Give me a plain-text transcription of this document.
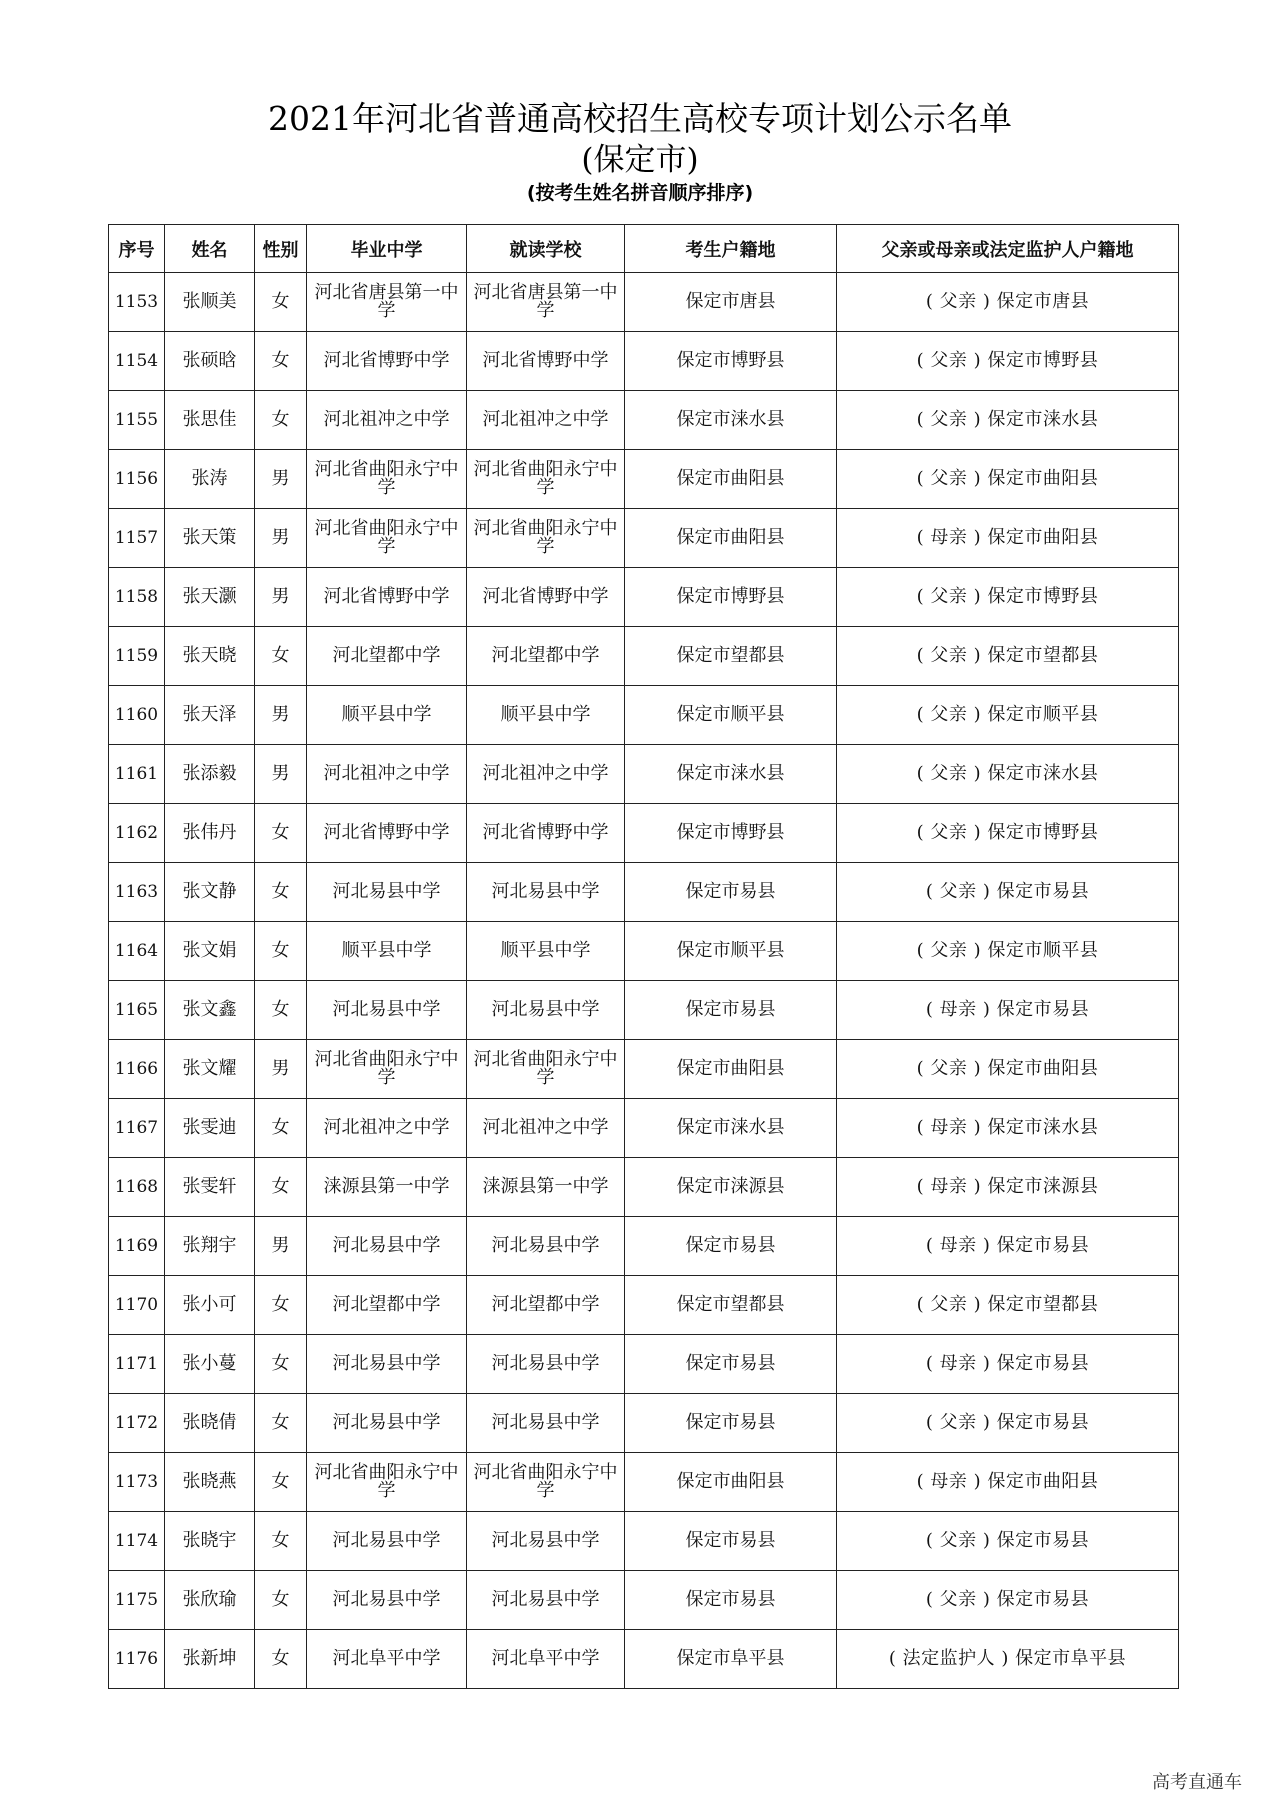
2021年河北省普通高校招生高校专项计划公示名单
(保定市)
(按考生姓名拼音顺序排序)
序号	姓名	性别	毕业中学	就读学校	考生户籍地	父亲或母亲或法定监护人户籍地
1153	张顺美	女	河北省唐县第一中学	河北省唐县第一中学	保定市唐县	( 父亲 ) 保定市唐县
1154	张硕晗	女	河北省博野中学	河北省博野中学	保定市博野县	( 父亲 ) 保定市博野县
1155	张思佳	女	河北祖冲之中学	河北祖冲之中学	保定市涞水县	( 父亲 ) 保定市涞水县
1156	张涛	男	河北省曲阳永宁中学	河北省曲阳永宁中学	保定市曲阳县	( 父亲 ) 保定市曲阳县
1157	张天策	男	河北省曲阳永宁中学	河北省曲阳永宁中学	保定市曲阳县	( 母亲 ) 保定市曲阳县
1158	张天灏	男	河北省博野中学	河北省博野中学	保定市博野县	( 父亲 ) 保定市博野县
1159	张天晓	女	河北望都中学	河北望都中学	保定市望都县	( 父亲 ) 保定市望都县
1160	张天泽	男	顺平县中学	顺平县中学	保定市顺平县	( 父亲 ) 保定市顺平县
1161	张添毅	男	河北祖冲之中学	河北祖冲之中学	保定市涞水县	( 父亲 ) 保定市涞水县
1162	张伟丹	女	河北省博野中学	河北省博野中学	保定市博野县	( 父亲 ) 保定市博野县
1163	张文静	女	河北易县中学	河北易县中学	保定市易县	( 父亲 ) 保定市易县
1164	张文娟	女	顺平县中学	顺平县中学	保定市顺平县	( 父亲 ) 保定市顺平县
1165	张文鑫	女	河北易县中学	河北易县中学	保定市易县	( 母亲 ) 保定市易县
1166	张文耀	男	河北省曲阳永宁中学	河北省曲阳永宁中学	保定市曲阳县	( 父亲 ) 保定市曲阳县
1167	张雯迪	女	河北祖冲之中学	河北祖冲之中学	保定市涞水县	( 母亲 ) 保定市涞水县
1168	张雯轩	女	涞源县第一中学	涞源县第一中学	保定市涞源县	( 母亲 ) 保定市涞源县
1169	张翔宇	男	河北易县中学	河北易县中学	保定市易县	( 母亲 ) 保定市易县
1170	张小可	女	河北望都中学	河北望都中学	保定市望都县	( 父亲 ) 保定市望都县
1171	张小蔓	女	河北易县中学	河北易县中学	保定市易县	( 母亲 ) 保定市易县
1172	张晓倩	女	河北易县中学	河北易县中学	保定市易县	( 父亲 ) 保定市易县
1173	张晓燕	女	河北省曲阳永宁中学	河北省曲阳永宁中学	保定市曲阳县	( 母亲 ) 保定市曲阳县
1174	张晓宇	女	河北易县中学	河北易县中学	保定市易县	( 父亲 ) 保定市易县
1175	张欣瑜	女	河北易县中学	河北易县中学	保定市易县	( 父亲 ) 保定市易县
1176	张新坤	女	河北阜平中学	河北阜平中学	保定市阜平县	( 法定监护人 ) 保定市阜平县
高考直通车
